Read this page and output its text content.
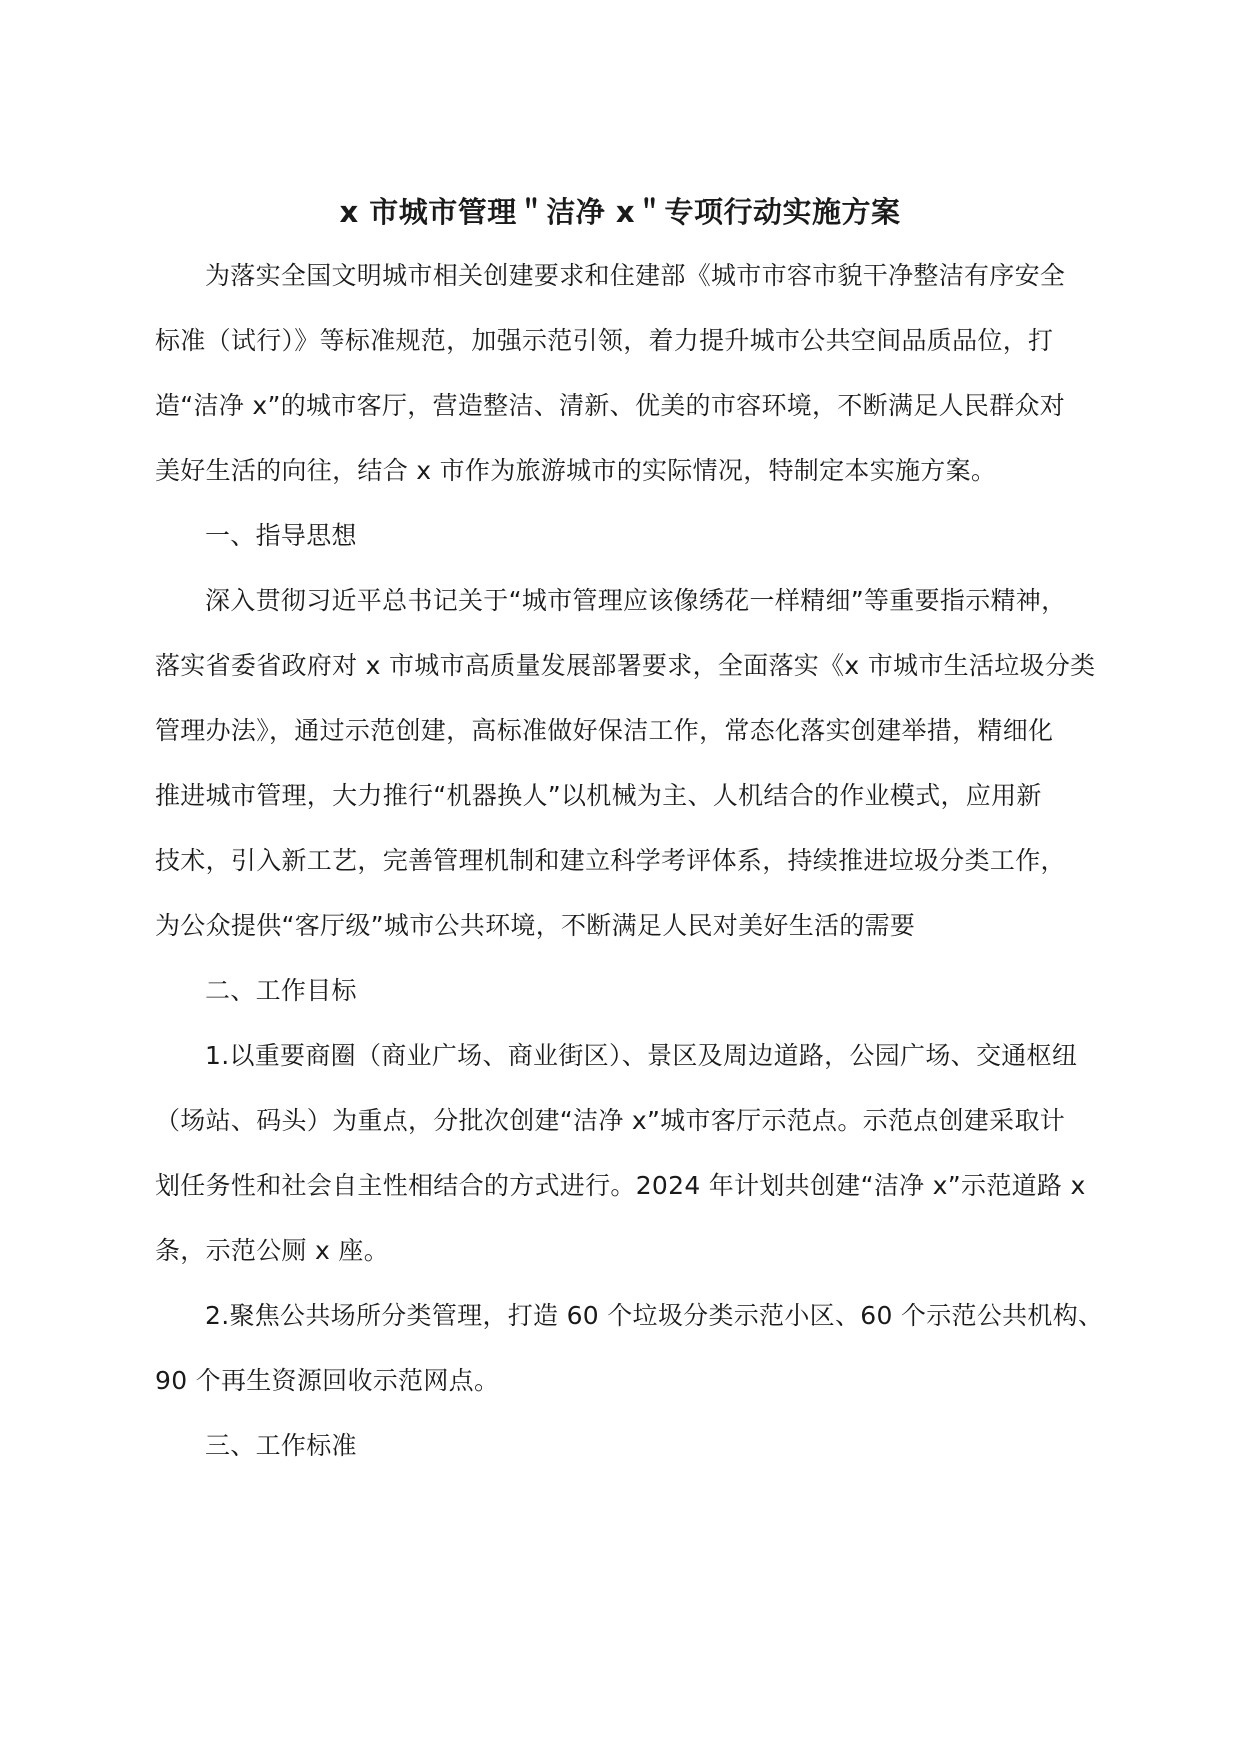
x 市城市管理＂洁净 x＂专项行动实施方案
为落实全国文明城市相关创建要求和住建部《城市市容市貌干净整洁有序安全
标准（试行）》等标准规范，加强示范引领，着力提升城市公共空间品质品位，打
造“洁净 x”的城市客厅，营造整洁、清新、优美的市容环境，不断满足人民群众对
美好生活的向往，结合 x 市作为旅游城市的实际情况，特制定本实施方案。
一、指导思想
深入贯彻习近平总书记关于“城市管理应该像绣花一样精细”等重要指示精神，
落实省委省政府对 x 市城市高质量发展部署要求，全面落实《x 市城市生活垃圾分类
管理办法》，通过示范创建，高标准做好保洁工作，常态化落实创建举措，精细化
推进城市管理，大力推行“机器换人”以机械为主、人机结合的作业模式，应用新
技术，引入新工艺，完善管理机制和建立科学考评体系，持续推进垃圾分类工作，
为公众提供“客厅级”城市公共环境，不断满足人民对美好生活的需要
二、工作目标
1.以重要商圈（商业广场、商业街区）、景区及周边道路，公园广场、交通枢纽
（场站、码头）为重点，分批次创建“洁净 x”城市客厅示范点。示范点创建采取计
划任务性和社会自主性相结合的方式进行。2024 年计划共创建“洁净 x”示范道路 x
条，示范公厕 x 座。
2.聚焦公共场所分类管理，打造 60 个垃圾分类示范小区、60 个示范公共机构、
90 个再生资源回收示范网点。
三、工作标准
